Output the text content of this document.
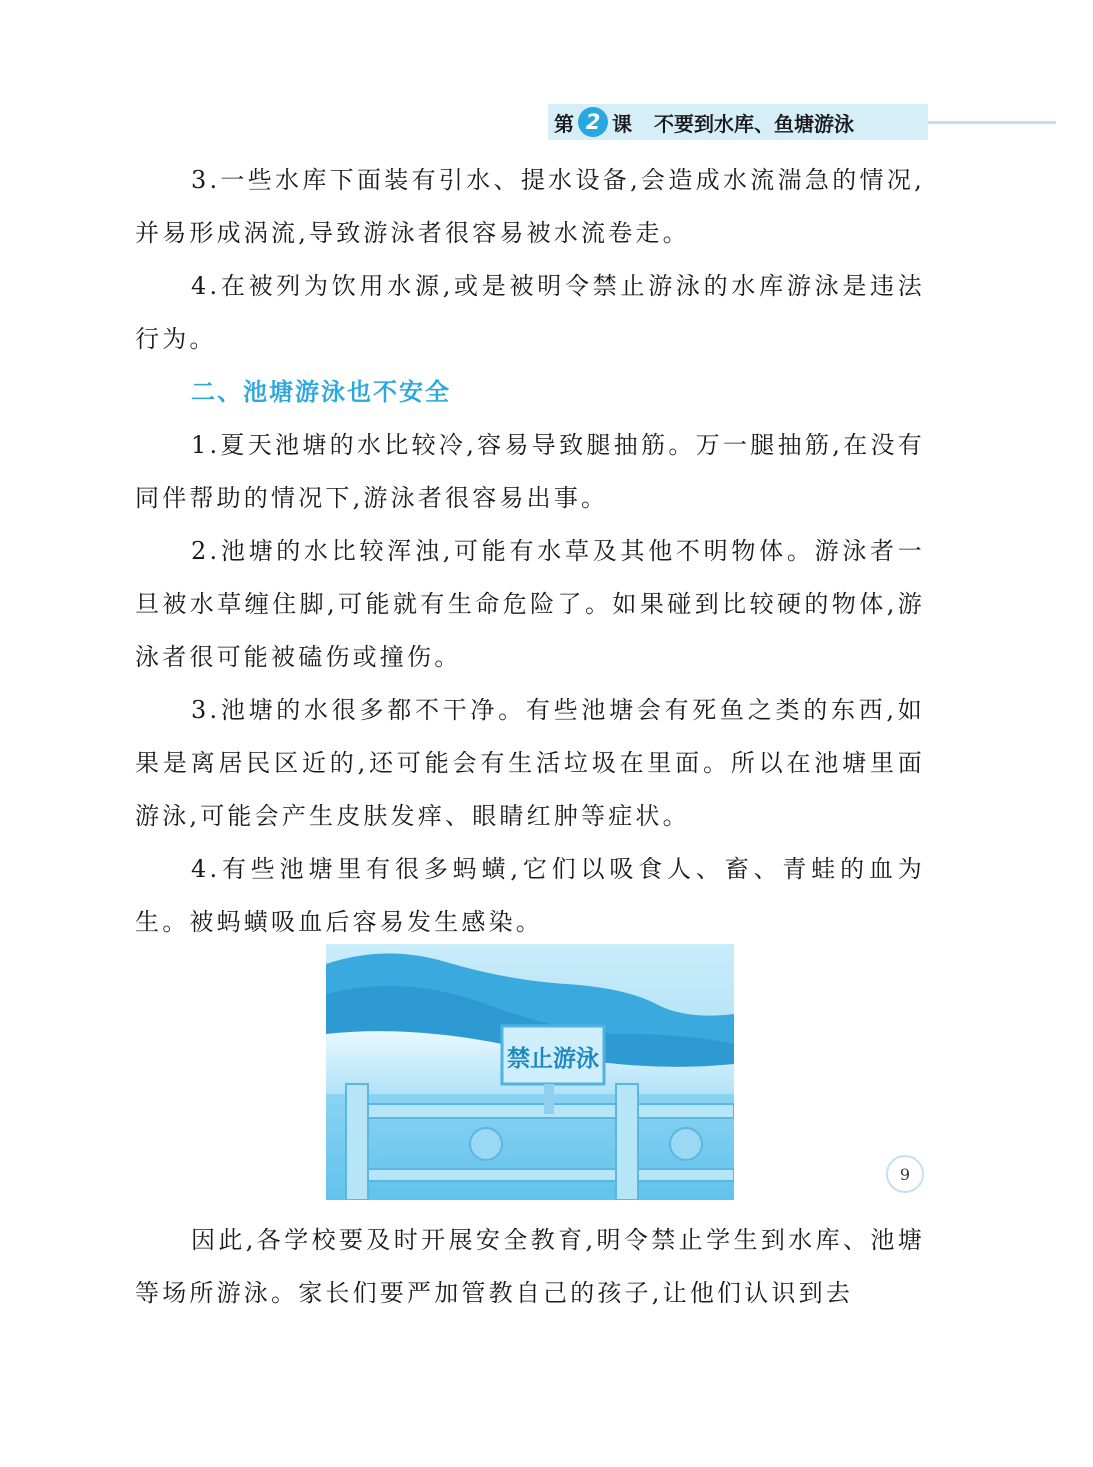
第 2 课 不要到水库、鱼塘游泳

3.一些水库下面装有引水、提水设备,会造成水流湍急的情况,并易形成涡流,导致游泳者很容易被水流卷走。

4.在被列为饮用水源,或是被明令禁止游泳的水库游泳是违法行为。

二、池塘游泳也不安全

1.夏天池塘的水比较冷,容易导致腿抽筋。万一腿抽筋,在没有同伴帮助的情况下,游泳者很容易出事。

2.池塘的水比较浑浊,可能有水草及其他不明物体。游泳者一旦被水草缠住脚,可能就有生命危险了。如果碰到比较硬的物体,游泳者很可能被磕伤或撞伤。

3.池塘的水很多都不干净。有些池塘会有死鱼之类的东西,如果是离居民区近的,还可能会有生活垃圾在里面。所以在池塘里面游泳,可能会产生皮肤发痒、眼睛红肿等症状。

4.有些池塘里有很多蚂蟥,它们以吸食人、畜、青蛙的血为生。被蚂蟥吸血后容易发生感染。

禁止游泳

因此,各学校要及时开展安全教育,明令禁止学生到水库、池塘等场所游泳。家长们要严加管教自己的孩子,让他们认识到去

9
